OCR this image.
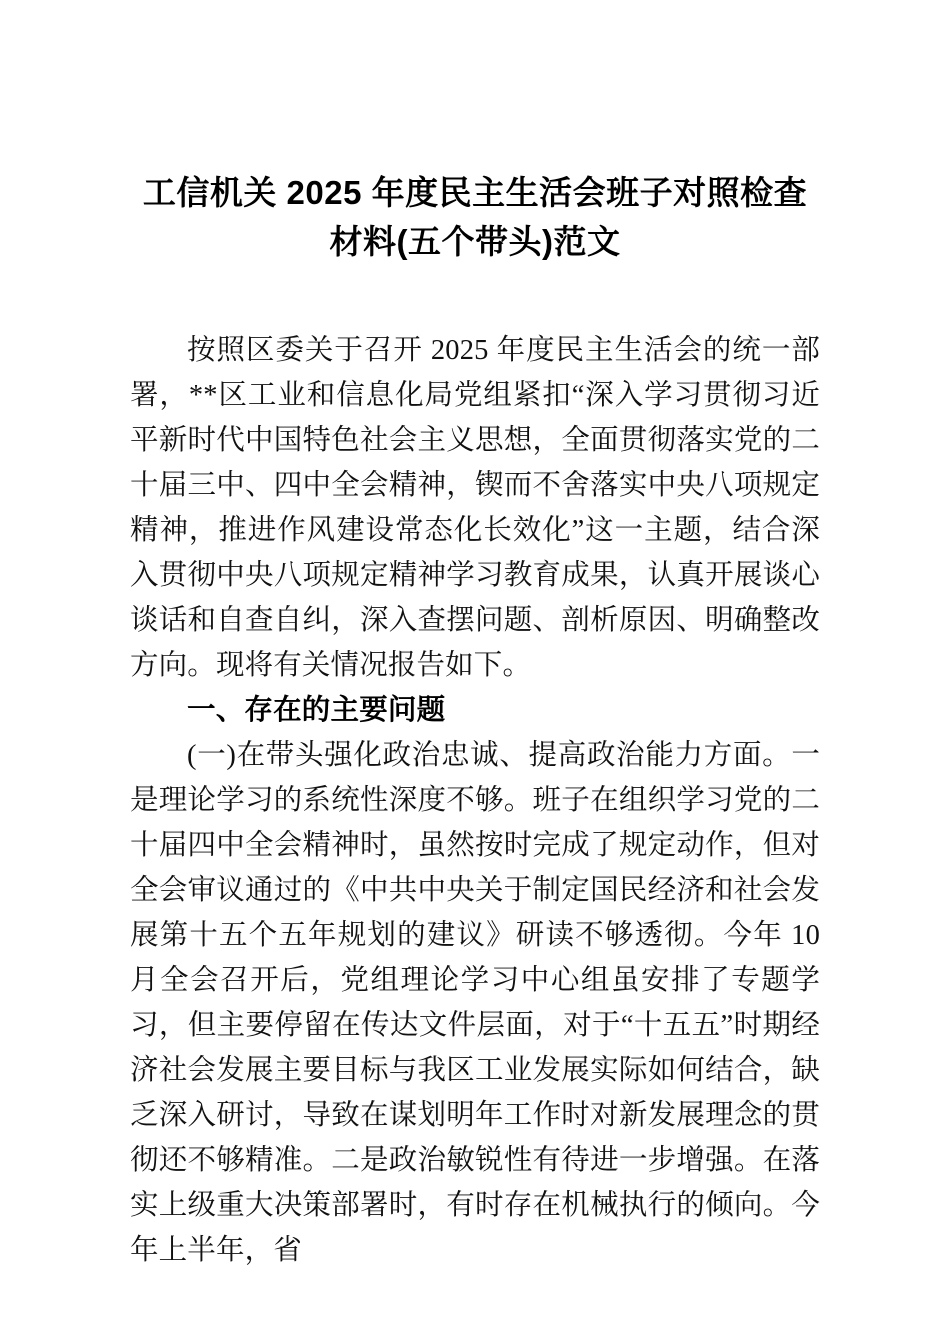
工信机关 2025 年度民主生活会班子对照检查
材料(五个带头)范文

按照区委关于召开 2025 年度民主生活会的统一部署，**区工业和信息化局党组紧扣“深入学习贯彻习近平新时代中国特色社会主义思想，全面贯彻落实党的二十届三中、四中全会精神，锲而不舍落实中央八项规定精神，推进作风建设常态化长效化”这一主题，结合深入贯彻中央八项规定精神学习教育成果，认真开展谈心谈话和自查自纠，深入查摆问题、剖析原因、明确整改方向。现将有关情况报告如下。

一、存在的主要问题

(一)在带头强化政治忠诚、提高政治能力方面。一是理论学习的系统性深度不够。班子在组织学习党的二十届四中全会精神时，虽然按时完成了规定动作，但对全会审议通过的《中共中央关于制定国民经济和社会发展第十五个五年规划的建议》研读不够透彻。今年 10 月全会召开后，党组理论学习中心组虽安排了专题学习，但主要停留在传达文件层面，对于“十五五”时期经济社会发展主要目标与我区工业发展实际如何结合，缺乏深入研讨，导致在谋划明年工作时对新发展理念的贯彻还不够精准。二是政治敏锐性有待进一步增强。在落实上级重大决策部署时，有时存在机械执行的倾向。今年上半年，省
